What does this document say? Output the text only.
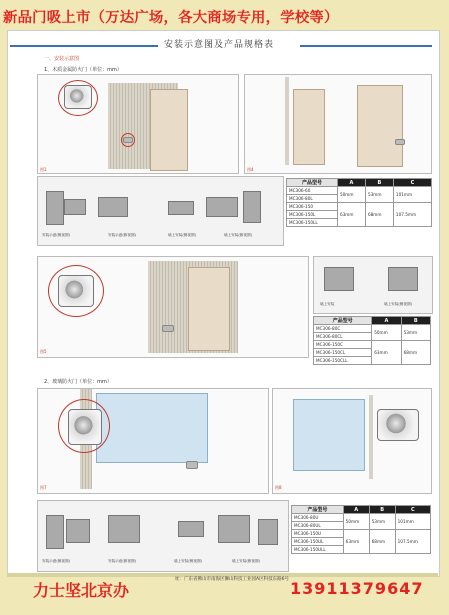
新品门吸上市（万达广场，各大商场专用，学校等）
安装示意图及产品规格表
一、安装示意图
1、木质金属防火门（单位：mm）
图1	图4
安装示意(侧视图)	安装示意(俯视图)	墙上安装(侧视图)	墙上安装(俯视图)
产品型号	A	B	C
MC306-60	50mm	53mm	101mm
MC306-80L			
MC306-150	63mm	68mm	107.5mm
MC306-150L			
MC306-150LL			
图5
墙上安装	墙上安装(侧视图)
产品型号	A	B
MC306-80C	50mm	53mm
MC306-80CL		
MC306-150C	63mm	68mm
MC306-150CL		
MC306-150CLL		
2、玻璃防火门（单位：mm）
图7	图8
安装示意(侧视图)	安装示意(俯视图)	墙上安装(侧视图)	墙上安装(俯视图)
产品型号	A	B	C
MC306-80U	50mm	53mm	101mm
MC306-80UL			
MC306-150U	63mm	68mm	107.5mm
MC306-150UL			
MC306-150ULL			
址：广东省佛山市南海区狮山科技工业园A区科技东路6号
力士坚北京办	13911379647
